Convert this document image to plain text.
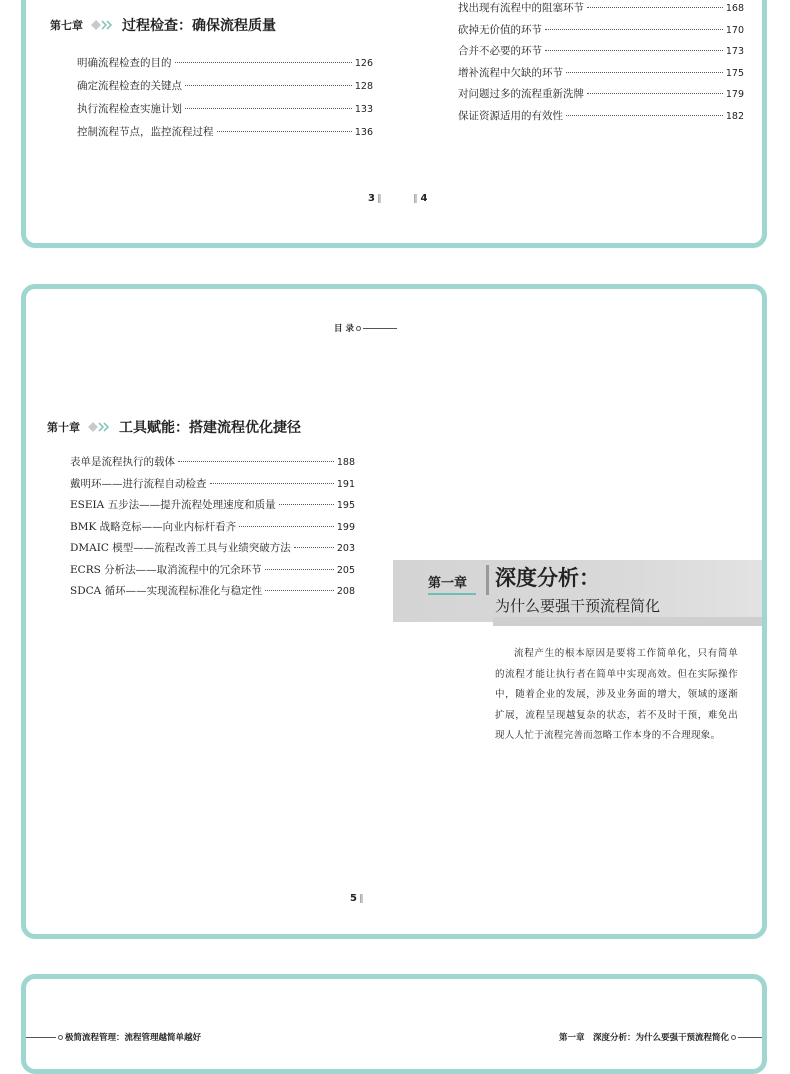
第七章	过程检查：确保流程质量
明确流程检查的目的	126
确定流程检查的关键点	128
执行流程检查实施计划	133
控制流程节点，监控流程过程	136
找出现有流程中的阻塞环节	168
砍掉无价值的环节	170
合并不必要的环节	173
增补流程中欠缺的环节	175
对问题过多的流程重新洗牌	179
保证资源适用的有效性	182
3	4
目 录
第十章	工具赋能：搭建流程优化捷径
表单是流程执行的载体	188
戴明环——进行流程自动检查	191
ESEIA 五步法——提升流程处理速度和质量	195
BMK 战略竞标——向业内标杆看齐	199
DMAIC 模型——流程改善工具与业绩突破方法	203
ECRS 分析法——取消流程中的冗余环节	205
SDCA 循环——实现流程标准化与稳定性	208
第一章 深度分析：
为什么要强干预流程简化
流程产生的根本原因是要将工作简单化，只有简单的流程才能让执行者在简单中实现高效。但在实际操作中，随着企业的发展，涉及业务面的增大，领域的逐渐扩展，流程呈现越复杂的状态，若不及时干预，难免出现人人忙于流程完善而忽略工作本身的不合理现象。
5
极简流程管理：流程管理越简单越好	第一章　深度分析：为什么要强干预流程简化
